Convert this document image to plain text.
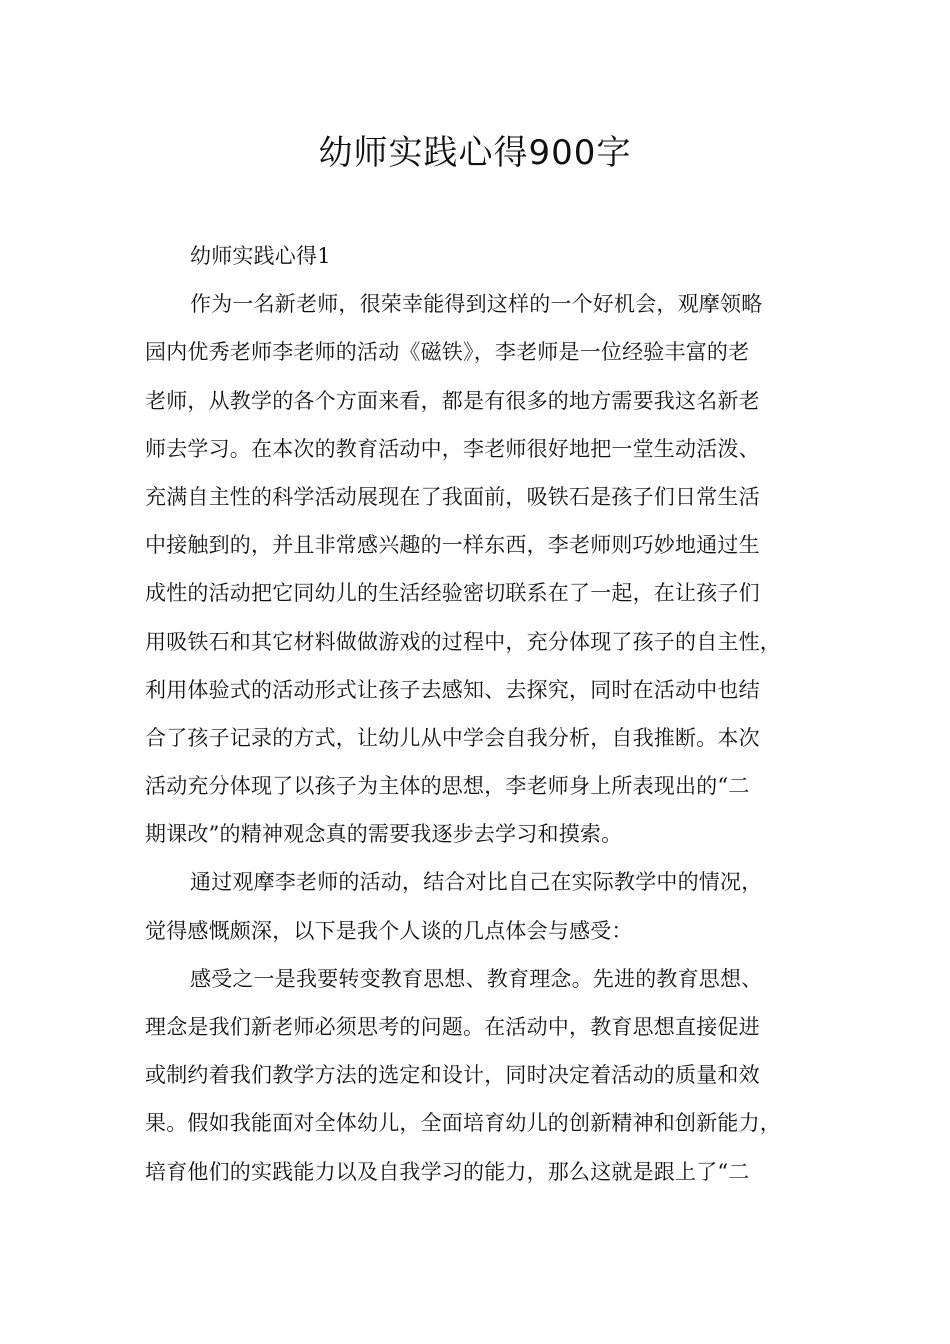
幼师实践心得900字

幼师实践心得1

作为一名新老师，很荣幸能得到这样的一个好机会，观摩领略
园内优秀老师李老师的活动《磁铁》，李老师是一位经验丰富的老
老师，从教学的各个方面来看，都是有很多的地方需要我这名新老
师去学习。在本次的教育活动中，李老师很好地把一堂生动活泼、
充满自主性的科学活动展现在了我面前，吸铁石是孩子们日常生活
中接触到的，并且非常感兴趣的一样东西，李老师则巧妙地通过生
成性的活动把它同幼儿的生活经验密切联系在了一起，在让孩子们
用吸铁石和其它材料做做游戏的过程中，充分体现了孩子的自主性，
利用体验式的活动形式让孩子去感知、去探究，同时在活动中也结
合了孩子记录的方式，让幼儿从中学会自我分析，自我推断。本次
活动充分体现了以孩子为主体的思想，李老师身上所表现出的“二
期课改”的精神观念真的需要我逐步去学习和摸索。

通过观摩李老师的活动，结合对比自己在实际教学中的情况，
觉得感慨颇深，以下是我个人谈的几点体会与感受：

感受之一是我要转变教育思想、教育理念。先进的教育思想、
理念是我们新老师必须思考的问题。在活动中，教育思想直接促进
或制约着我们教学方法的选定和设计，同时决定着活动的质量和效
果。假如我能面对全体幼儿，全面培育幼儿的创新精神和创新能力，
培育他们的实践能力以及自我学习的能力，那么这就是跟上了“二
